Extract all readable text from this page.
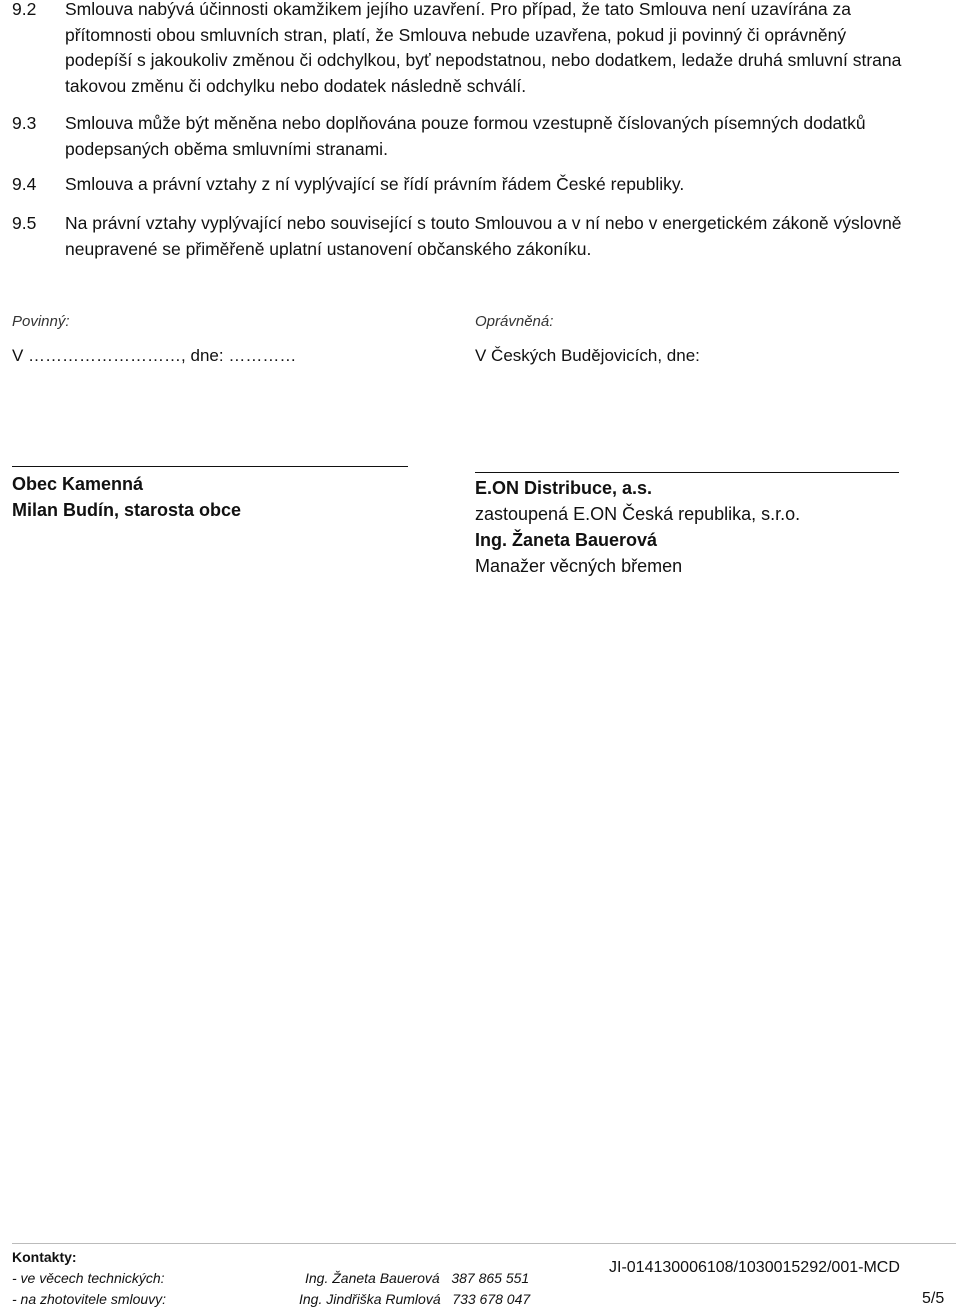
9.2	Smlouva nabývá účinnosti okamžikem jejího uzavření. Pro případ, že tato Smlouva není uzavírána za
přítomnosti obou smluvních stran, platí, že Smlouva nebude uzavřena, pokud ji povinný či oprávněný
podepíší s jakoukoliv změnou či odchylkou, byť nepodstatnou, nebo dodatkem, ledaže druhá smluvní strana
takovou změnu či odchylku nebo dodatek následně schválí.
9.3	Smlouva může být měněna nebo doplňována pouze formou vzestupně číslovaných písemných dodatků
podepsaných oběma smluvními stranami.
9.4	Smlouva a právní vztahy z ní vyplývající se řídí právním řádem České republiky.
9.5	Na právní vztahy vyplývající nebo související s touto Smlouvou a v ní nebo v energetickém zákoně výslovně
neupravené se přiměřeně uplatní ustanovení občanského zákoníku.
Povinný:
V ………………………, dne: …………
Obec Kamenná
Milan Budín, starosta obce
Oprávněná:
V Českých Budějovicích, dne:
E.ON Distribuce, a.s.
zastoupená E.ON Česká republika, s.r.o.
Ing. Žaneta Bauerová
Manažer věcných břemen
Kontakty:
- ve věcech technických:	Ing. Žaneta Bauerová   387 865 551
- na zhotovitele smlouvy:	Ing. Jindřiška Rumlová   733 678 047
JI-014130006108/1030015292/001-MCD
5/5
